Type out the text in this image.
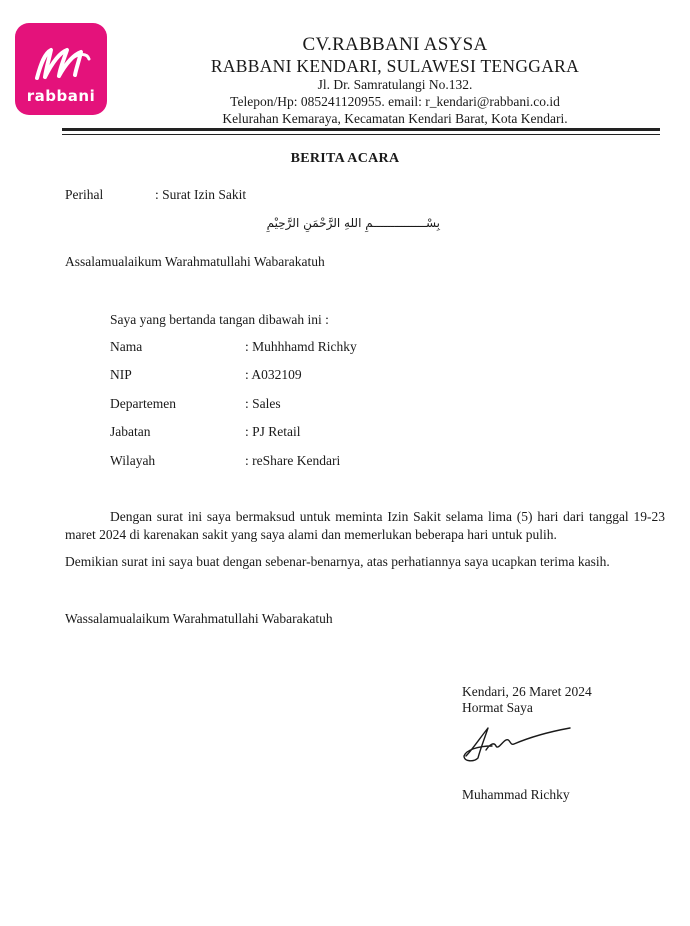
rabbani
CV.RABBANI ASYSA
RABBANI KENDARI, SULAWESI TENGGARA
Jl. Dr. Samratulangi No.132.
Telepon/Hp: 085241120955. email: r_kendari@rabbani.co.id
Kelurahan Kemaraya, Kecamatan Kendari Barat, Kota Kendari.
BERITA ACARA
Perihal	: Surat Izin Sakit
بِسْـــــــــــــــمِ اللهِ الرَّحْمَنِ الرَّحِيْمِ
Assalamualaikum Warahmatullahi Wabarakatuh
Saya yang bertanda tangan dibawah ini :
Nama	: Muhhhamd Richky
NIP	: A032109
Departemen	: Sales
Jabatan	: PJ Retail
Wilayah	: reShare Kendari
Dengan surat ini saya bermaksud untuk meminta Izin Sakit selama lima (5) hari dari tanggal 19-23 maret 2024 di karenakan sakit yang saya alami dan memerlukan beberapa hari untuk pulih.
Demikian surat ini saya buat dengan sebenar-benarnya, atas perhatiannya saya ucapkan terima kasih.
Wassalamualaikum Warahmatullahi Wabarakatuh
Kendari, 26 Maret 2024
Hormat Saya
Muhammad Richky
